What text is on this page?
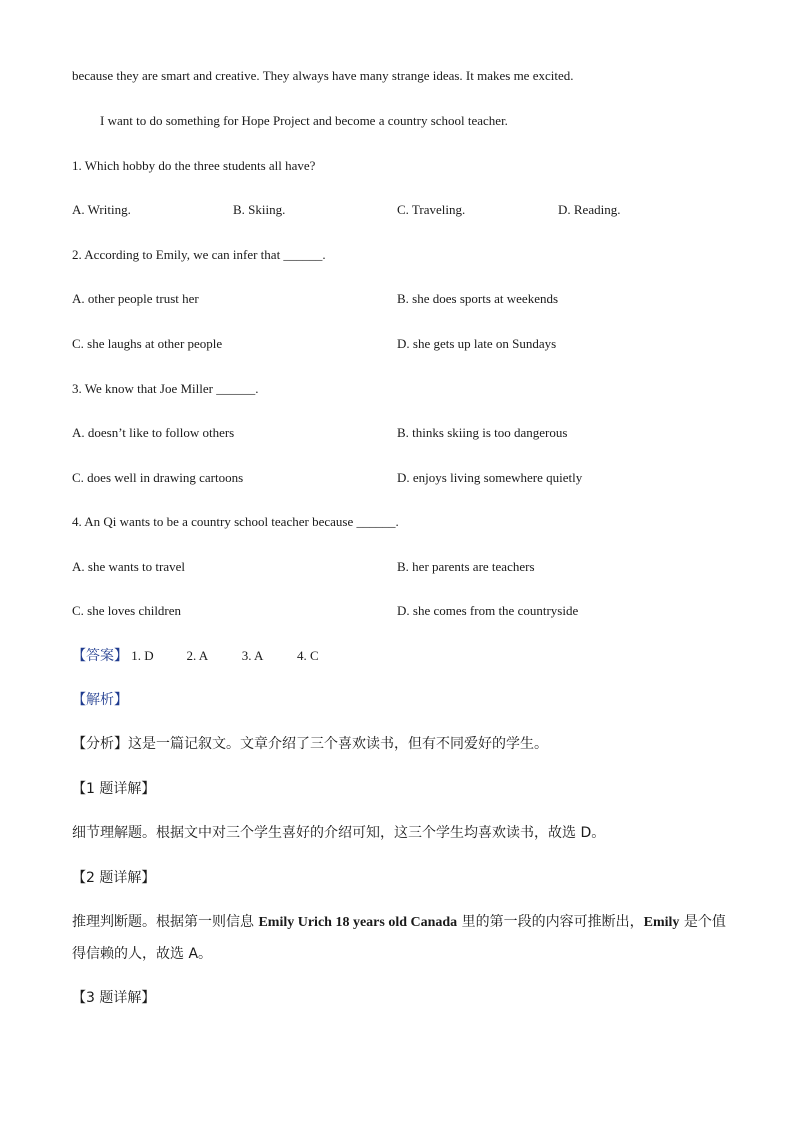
because they are smart and creative. They always have many strange ideas. It makes me excited.
I want to do something for Hope Project and become a country school teacher.
1. Which hobby do the three students all have?
A. Writing.	B. Skiing.	C. Traveling.	D. Reading.
2. According to Emily, we can infer that ______.
A. other people trust her	B. she does sports at weekends
C. she laughs at other people	D. she gets up late on Sundays
3. We know that Joe Miller ______.
A. doesn’t like to follow others	B. thinks skiing is too dangerous
C. does well in drawing cartoons	D. enjoys living somewhere quietly
4. An Qi wants to be a country school teacher because ______.
A. she wants to travel	B. her parents are teachers
C. she loves children	D. she comes from the countryside
【答案】 1. D	2. A	3. A	4. C
【解析】
【分析】这是一篇记叙文。文章介绍了三个喜欢读书，但有不同爱好的学生。
【1 题详解】
细节理解题。根据文中对三个学生喜好的介绍可知，这三个学生均喜欢读书，故选 D。
【2 题详解】
推理判断题。根据第一则信息 Emily Urich 18 years old Canada 里的第一段的内容可推断出，Emily 是个值
得信赖的人，故选 A。
【3 题详解】
